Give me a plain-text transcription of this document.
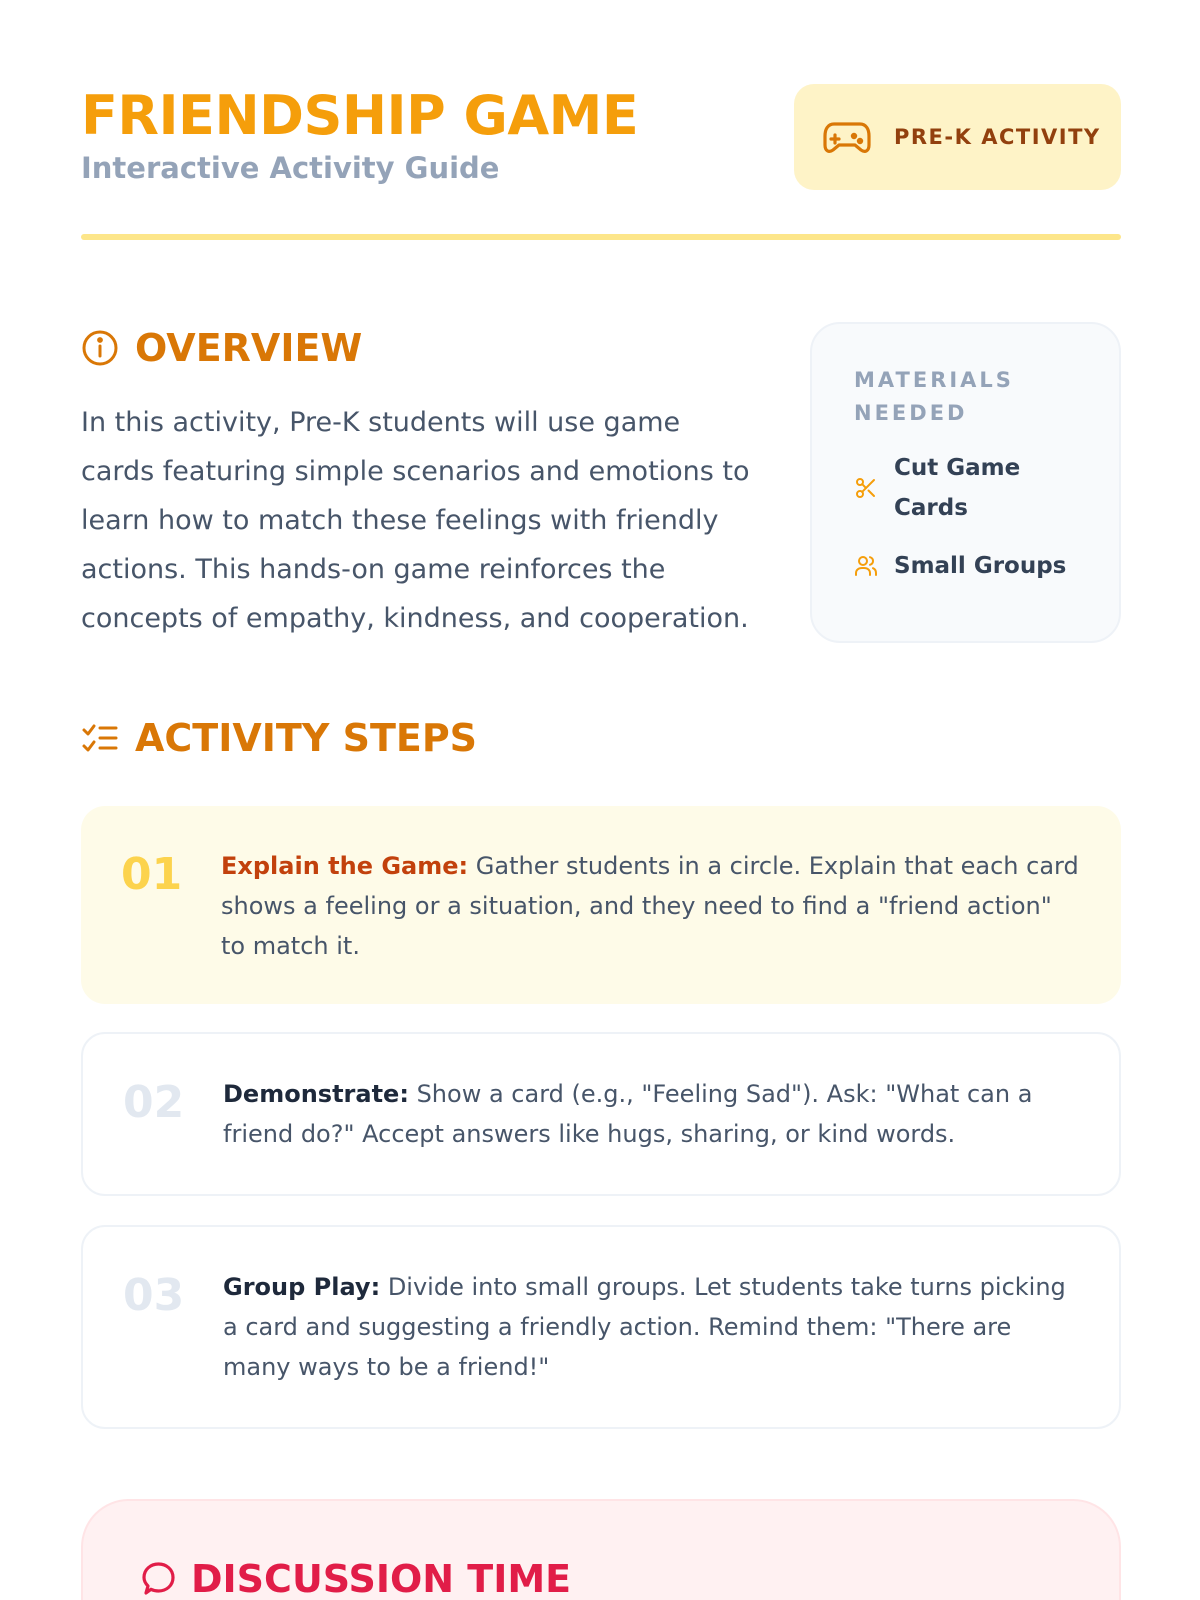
FRIENDSHIP GAME
Interactive Activity Guide
PRE-K ACTIVITY
OVERVIEW

In this activity, Pre-K students will use game cards featuring simple scenarios and emotions to learn how to match these feelings with friendly actions. This hands-on game reinforces the concepts of empathy, kindness, and cooperation.

MATERIALS NEEDED
Cut Game Cards
Small Groups
ACTIVITY STEPS
01 Explain the Game: Gather students in a circle. Explain that each card shows a feeling or a situation, and they need to find a "friend action" to match it.

02 Demonstrate: Show a card (e.g., "Feeling Sad"). Ask: "What can a friend do?" Accept answers like hugs, sharing, or kind words.

03 Group Play: Divide into small groups. Let students take turns picking a card and suggesting a friendly action. Remind them: "There are many ways to be a friend!"

DISCUSSION TIME
